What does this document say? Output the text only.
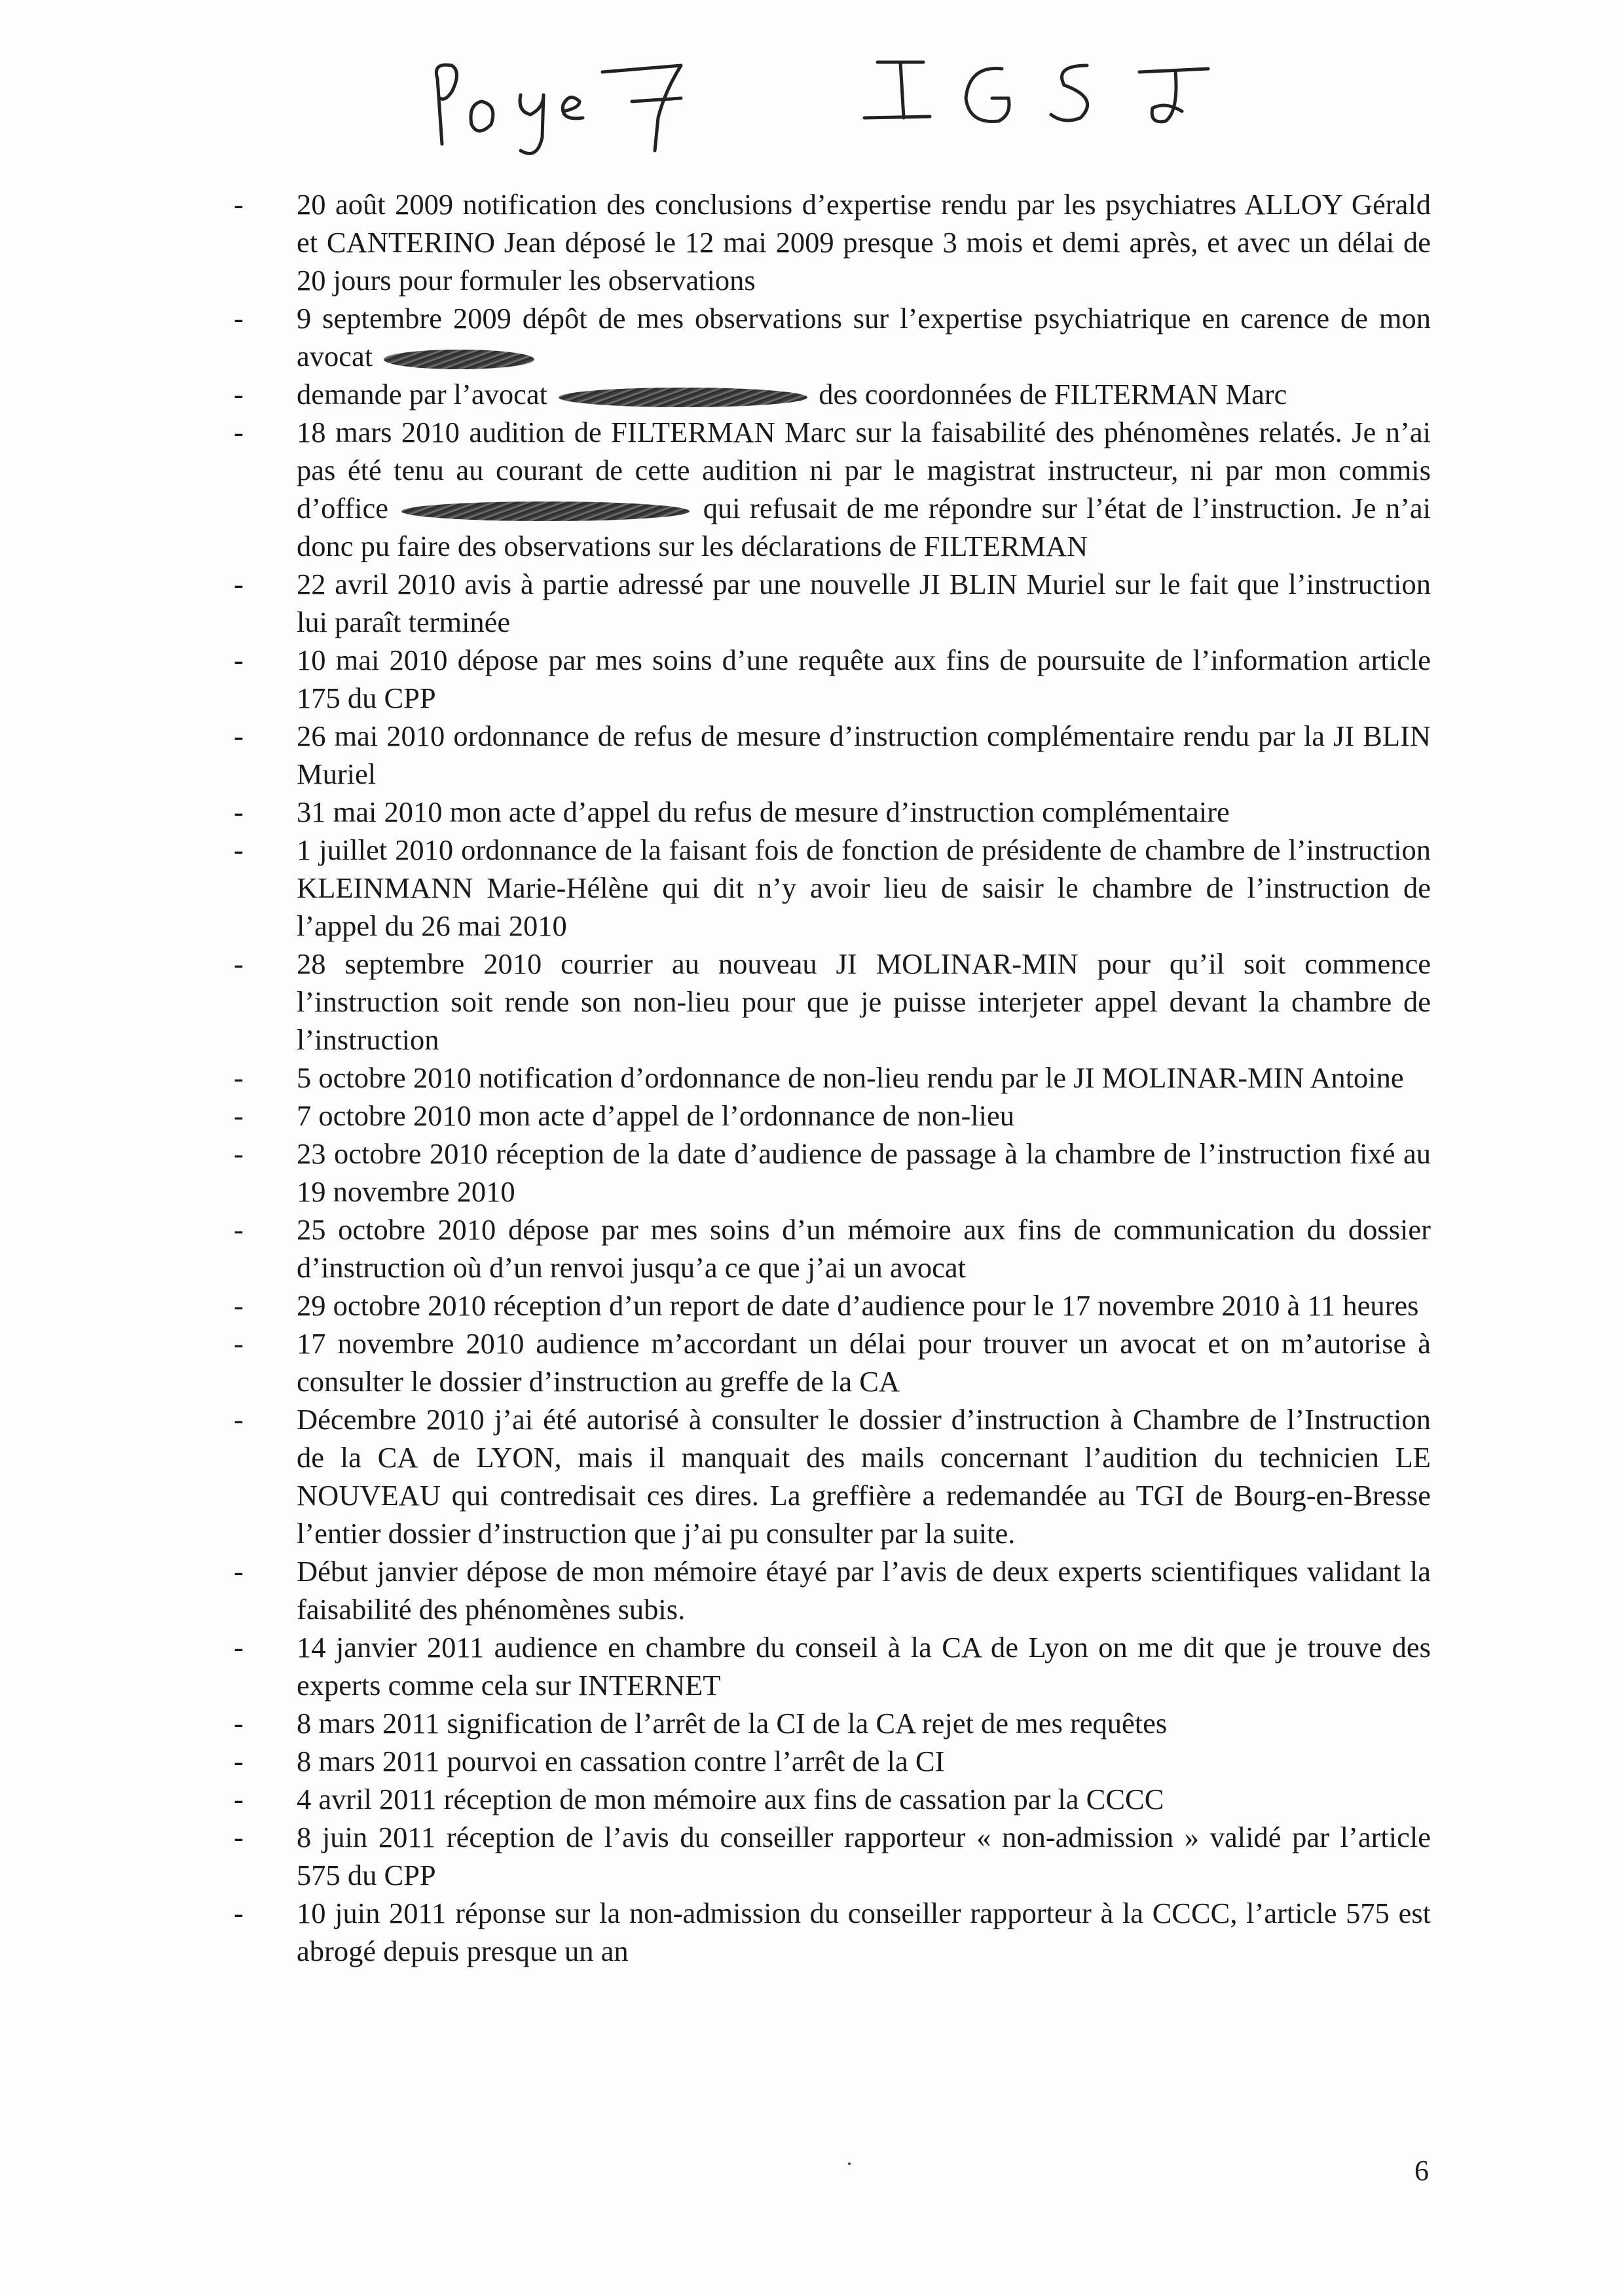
- 20 août 2009 notification des conclusions d’expertise rendu par les psychiatres ALLOY Gérald et CANTERINO Jean déposé le 12 mai 2009 presque 3 mois et demi après, et avec un délai de 20 jours pour formuler les observations
- 9 septembre 2009 dépôt de mes observations sur l’expertise psychiatrique en carence de mon avocat
- demande par l’avocat	des coordonnées de FILTERMAN Marc
- 18 mars 2010 audition de FILTERMAN Marc sur la faisabilité des phénomènes relatés. Je n’ai pas été tenu au courant de cette audition ni par le magistrat instructeur, ni par mon commis d’office	qui refusait de me répondre sur l’état de l’instruction. Je n’ai donc pu faire des observations sur les déclarations de FILTERMAN
- 22 avril 2010 avis à partie adressé par une nouvelle JI BLIN Muriel sur le fait que l’instruction lui paraît terminée
- 10 mai 2010 dépose par mes soins d’une requête aux fins de poursuite de l’information article 175 du CPP
- 26 mai 2010 ordonnance de refus de mesure d’instruction complémentaire rendu par la JI BLIN Muriel
- 31 mai 2010 mon acte d’appel du refus de mesure d’instruction complémentaire
- 1 juillet 2010 ordonnance de la faisant fois de fonction de présidente de chambre de l’instruction KLEINMANN Marie-Hélène qui dit n’y avoir lieu de saisir le chambre de l’instruction de l’appel du 26 mai 2010
- 28 septembre 2010 courrier au nouveau JI MOLINAR-MIN pour qu’il soit commence l’instruction soit rende son non-lieu pour que je puisse interjeter appel devant la chambre de l’instruction
- 5 octobre 2010 notification d’ordonnance de non-lieu rendu par le JI MOLINAR-MIN Antoine
- 7 octobre 2010 mon acte d’appel de l’ordonnance de non-lieu
- 23 octobre 2010 réception de la date d’audience de passage à la chambre de l’instruction fixé au 19 novembre 2010
- 25 octobre 2010 dépose par mes soins d’un mémoire aux fins de communication du dossier d’instruction où d’un renvoi jusqu’a ce que j’ai un avocat
- 29 octobre 2010 réception d’un report de date d’audience pour le 17 novembre 2010 à 11 heures
- 17 novembre 2010 audience m’accordant un délai pour trouver un avocat et on m’autorise à consulter le dossier d’instruction au greffe de la CA
- Décembre 2010 j’ai été autorisé à consulter le dossier d’instruction à Chambre de l’Instruction de la CA de LYON, mais il manquait des mails concernant l’audition du technicien LE NOUVEAU qui contredisait ces dires. La greffière a redemandée au TGI de Bourg-en-Bresse l’entier dossier d’instruction que j’ai pu consulter par la suite.
- Début janvier dépose de mon mémoire étayé par l’avis de deux experts scientifiques validant la faisabilité des phénomènes subis.
- 14 janvier 2011 audience en chambre du conseil à la CA de Lyon on me dit que je trouve des experts comme cela sur INTERNET
- 8 mars 2011 signification de l’arrêt de la CI de la CA rejet de mes requêtes
- 8 mars 2011 pourvoi en cassation contre l’arrêt de la CI
- 4 avril 2011 réception de mon mémoire aux fins de cassation par la CCCC
- 8 juin 2011 réception de l’avis du conseiller rapporteur « non-admission » validé par l’article 575 du CPP
- 10 juin 2011 réponse sur la non-admission du conseiller rapporteur à la CCCC, l’article 575 est abrogé depuis presque un an
6
